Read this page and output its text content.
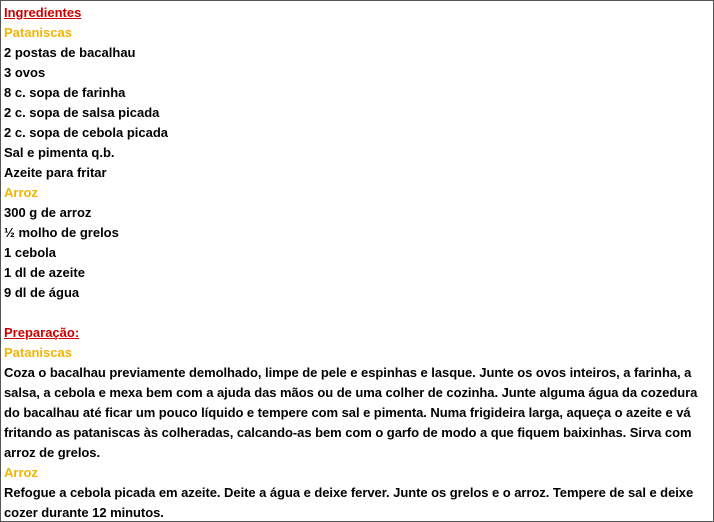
Ingredientes
Pataniscas
2 postas de bacalhau
3 ovos
8 c. sopa de farinha
2 c. sopa de salsa picada
2 c. sopa de cebola picada
Sal e pimenta q.b.
Azeite para fritar
Arroz
300 g de arroz
½ molho de grelos
1 cebola
1 dl de azeite
9 dl de água
Preparação:
Pataniscas

Coza o bacalhau previamente demolhado, limpe de pele e espinhas e lasque. Junte os ovos inteiros, a farinha, a salsa, a cebola e mexa bem com a ajuda das mãos ou de uma colher de cozinha. Junte alguma água da cozedura do bacalhau até ficar um pouco líquido e tempere com sal e pimenta. Numa frigideira larga, aqueça o azeite e vá fritando as pataniscas às colheradas, calcando-as bem com o garfo de modo a que fiquem baixinhas. Sirva com arroz de grelos.

Arroz

Refogue a cebola picada em azeite. Deite a água e deixe ferver. Junte os grelos e o arroz. Tempere de sal e deixe cozer durante 12 minutos.
